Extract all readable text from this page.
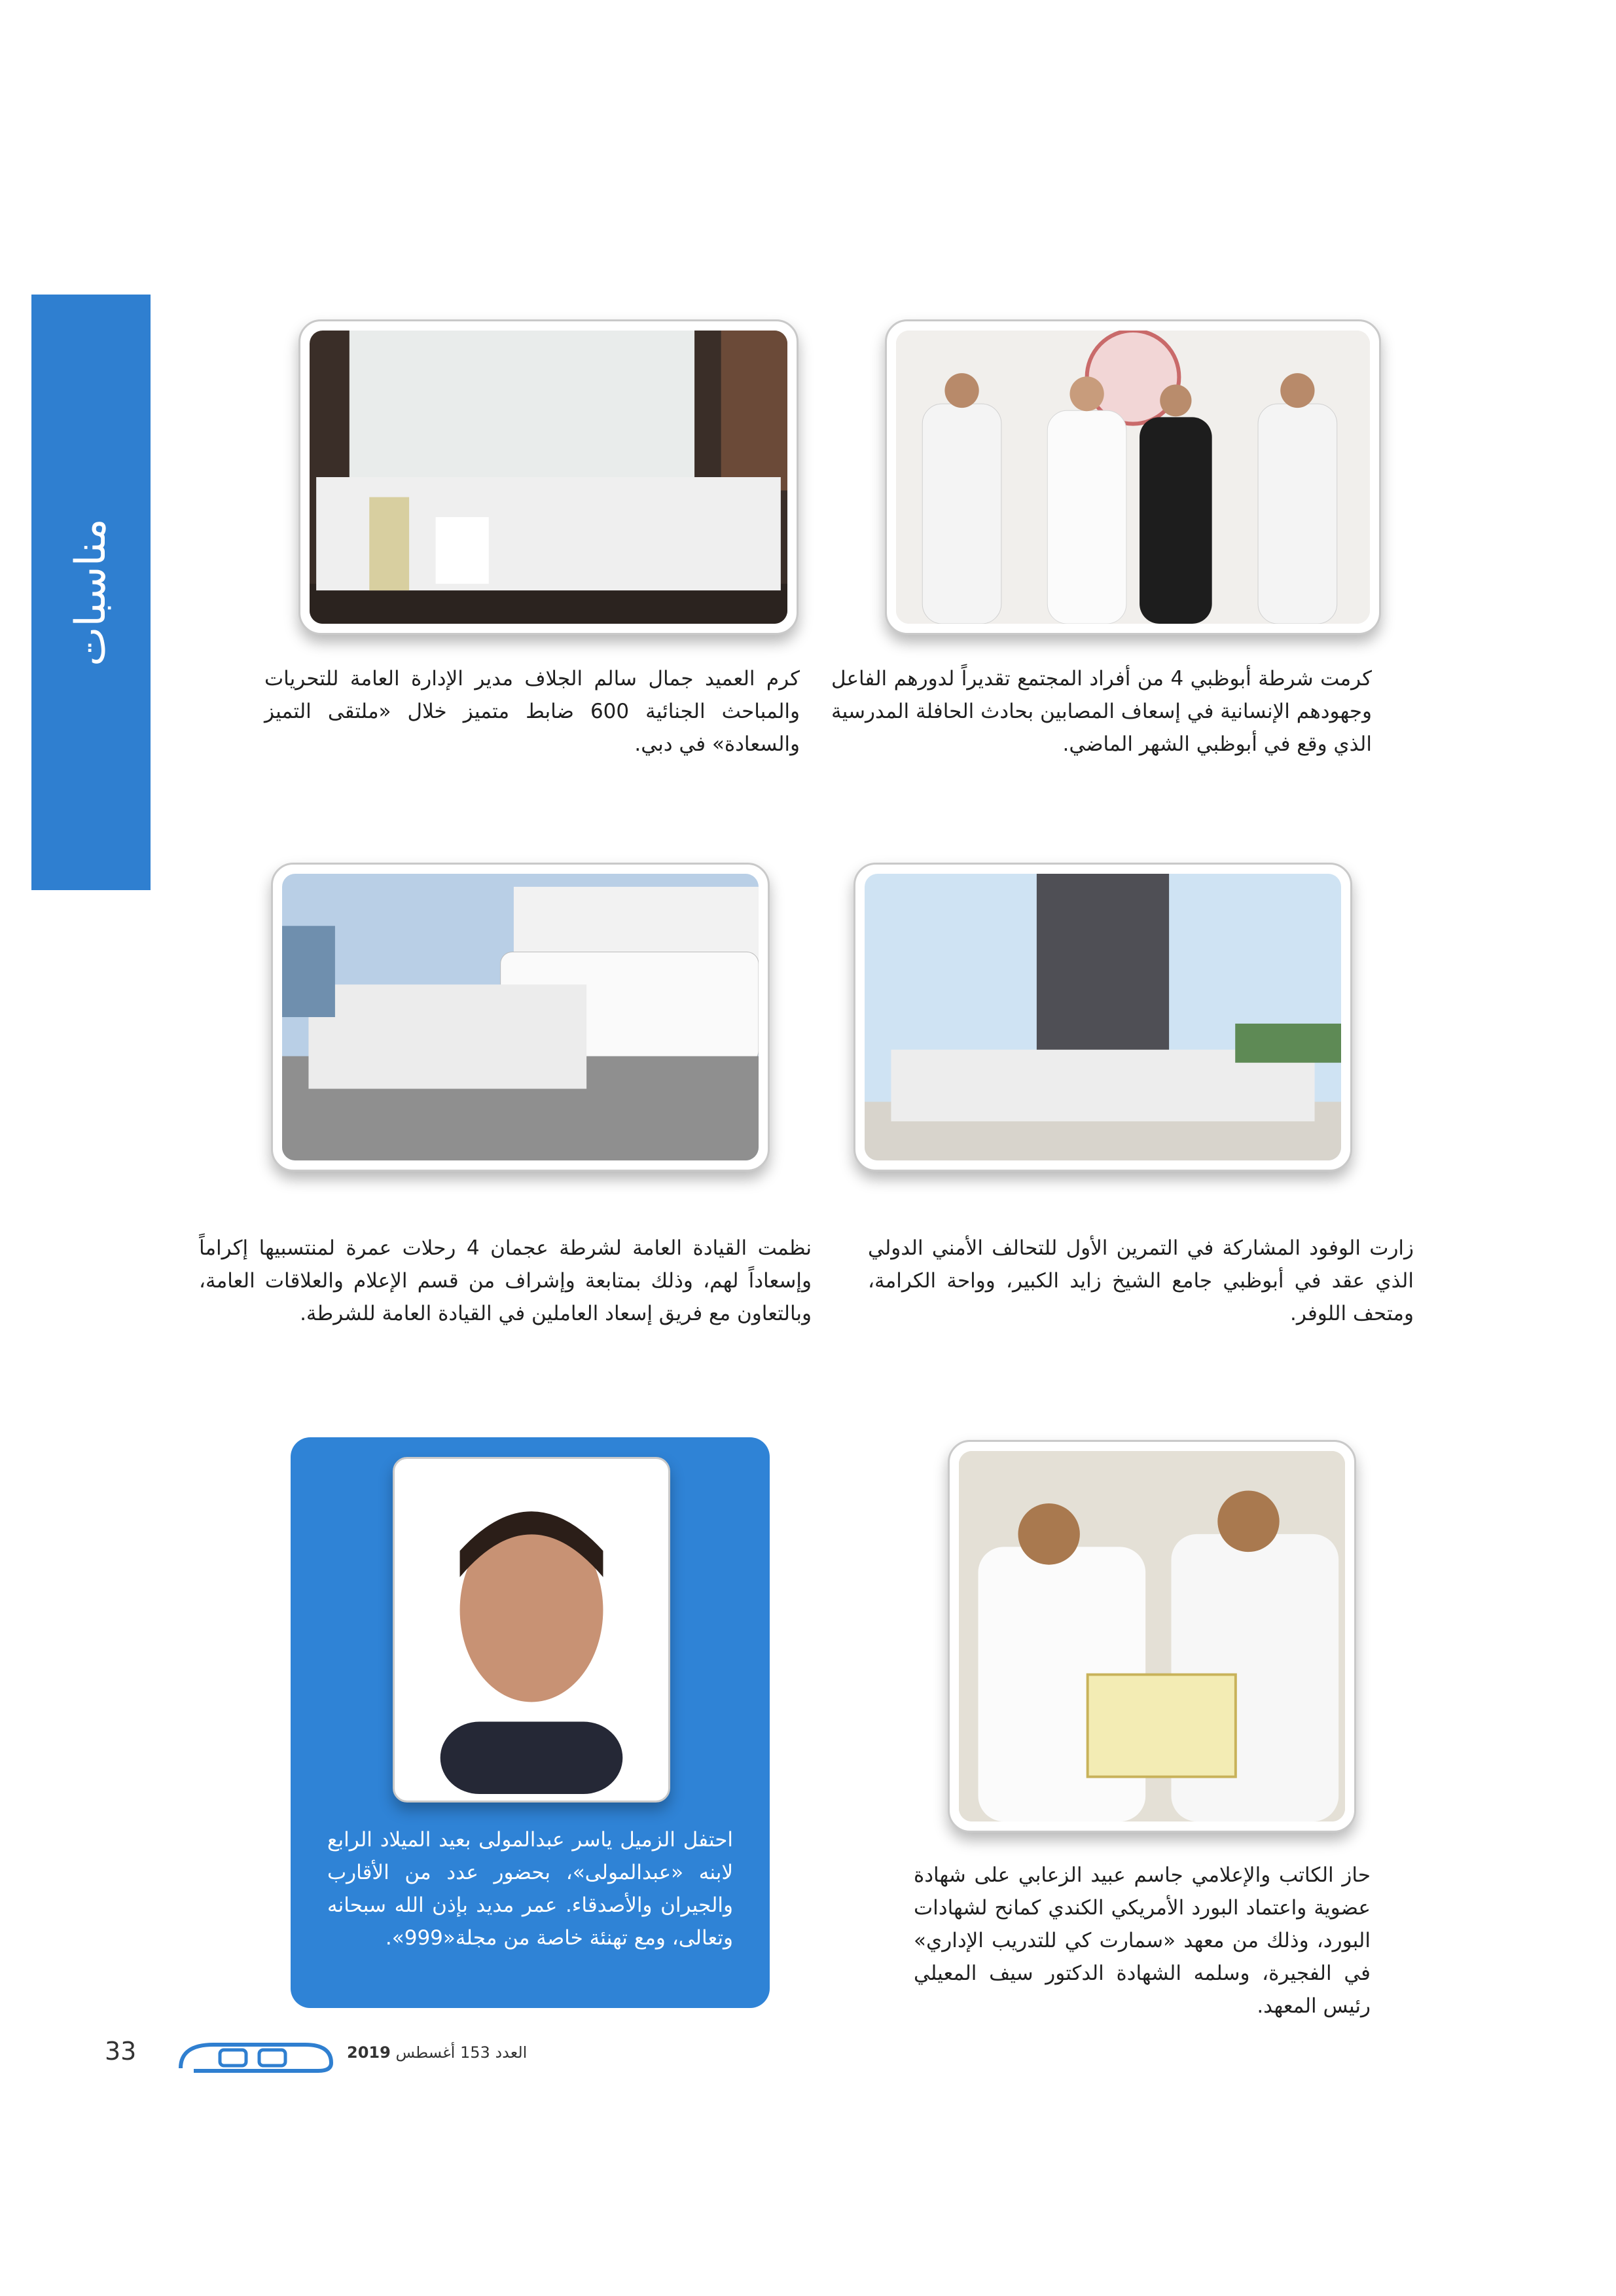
مناسبات
كرمت شرطة أبوظبي 4 من أفراد المجتمع تقديراً لدورهم الفاعل وجهودهم الإنسانية في إسعاف المصابين بحادث الحافلة المدرسية الذي وقع في أبوظبي الشهر الماضي.
كرم العميد جمال سالم الجلاف مدير الإدارة العامة للتحريات والمباحث الجنائية 600 ضابط متميز خلال «ملتقى التميز والسعادة» في دبي.
زارت الوفود المشاركة في التمرين الأول للتحالف الأمني الدولي الذي عقد في أبوظبي جامع الشيخ زايد الكبير، وواحة الكرامة، ومتحف اللوفر.
نظمت القيادة العامة لشرطة عجمان 4 رحلات عمرة لمنتسبيها إكراماً وإسعاداً لهم، وذلك بمتابعة وإشراف من قسم الإعلام والعلاقات العامة، وبالتعاون مع فريق إسعاد العاملين في القيادة العامة للشرطة.
حاز الكاتب والإعلامي جاسم عبيد الزعابي على شهادة عضوية واعتماد البورد الأمريكي الكندي كمانح لشهادات البورد، وذلك من معهد «سمارت كي للتدريب الإداري» في الفجيرة، وسلمه الشهادة الدكتور سيف المعيلي رئيس المعهد.
احتفل الزميل ياسر عبدالمولى بعيد الميلاد الرابع لابنه «عبدالمولى»، بحضور عدد من الأقارب والجيران والأصدقاء. عمر مديد بإذن الله سبحانه وتعالى، ومع تهنئة خاصة من مجلة«999».
33	العدد 153 أغسطس 2019
